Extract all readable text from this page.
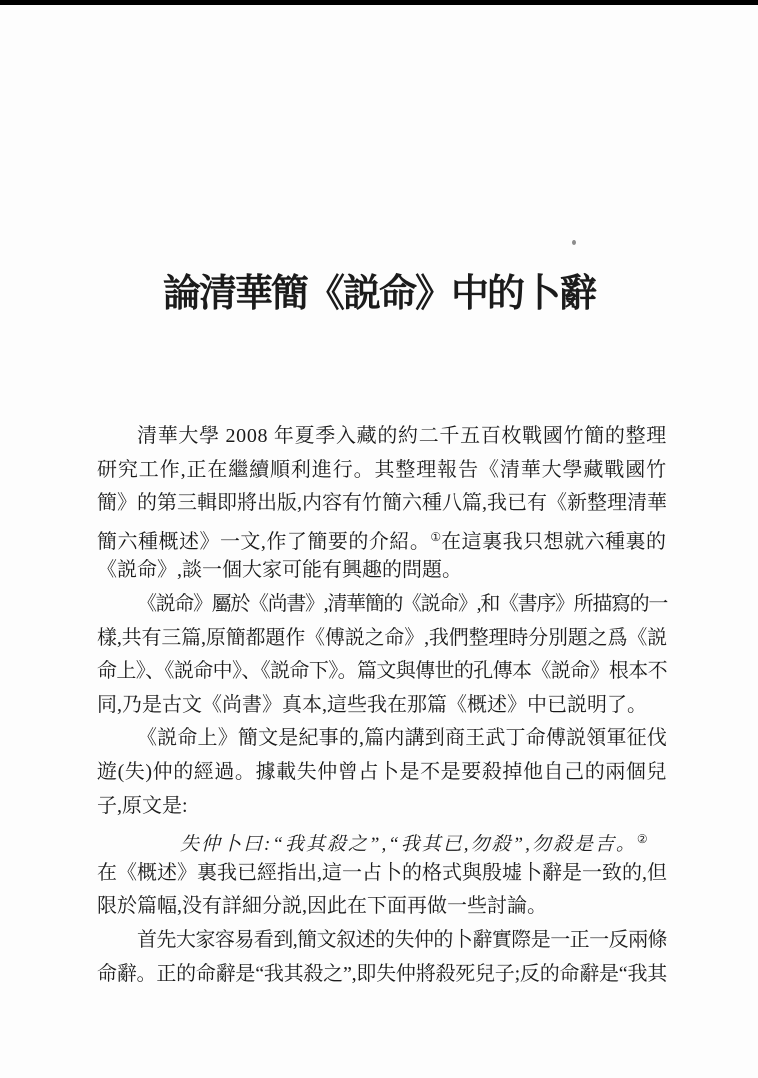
論清華簡《説命》中的卜辭
清華大學 2008 年夏季入藏的約二千五百枚戰國竹簡的整理
研究工作,正在繼續順利進行。其整理報告《清華大學藏戰國竹
簡》的第三輯即將出版,内容有竹簡六種八篇,我已有《新整理清華
簡六種概述》一文,作了簡要的介紹。①在這裏我只想就六種裏的
《説命》,談一個大家可能有興趣的問題。
《説命》屬於《尚書》,清華簡的《説命》,和《書序》所描寫的一
樣,共有三篇,原簡都題作《傅説之命》,我們整理時分別題之爲《説
命上》、《説命中》、《説命下》。篇文與傳世的孔傳本《説命》根本不
同,乃是古文《尚書》真本,這些我在那篇《概述》中已説明了。
《説命上》簡文是紀事的,篇内講到商王武丁命傅説領軍征伐
遊(失)仲的經過。據載失仲曾占卜是不是要殺掉他自己的兩個兒
子,原文是:
失仲卜曰:“我其殺之”,“我其已,勿殺”,勿殺是吉。②
在《概述》裏我已經指出,這一占卜的格式與殷墟卜辭是一致的,但
限於篇幅,没有詳細分説,因此在下面再做一些討論。
首先大家容易看到,簡文叙述的失仲的卜辭實際是一正一反兩條
命辭。正的命辭是“我其殺之”,即失仲將殺死兒子;反的命辭是“我其
